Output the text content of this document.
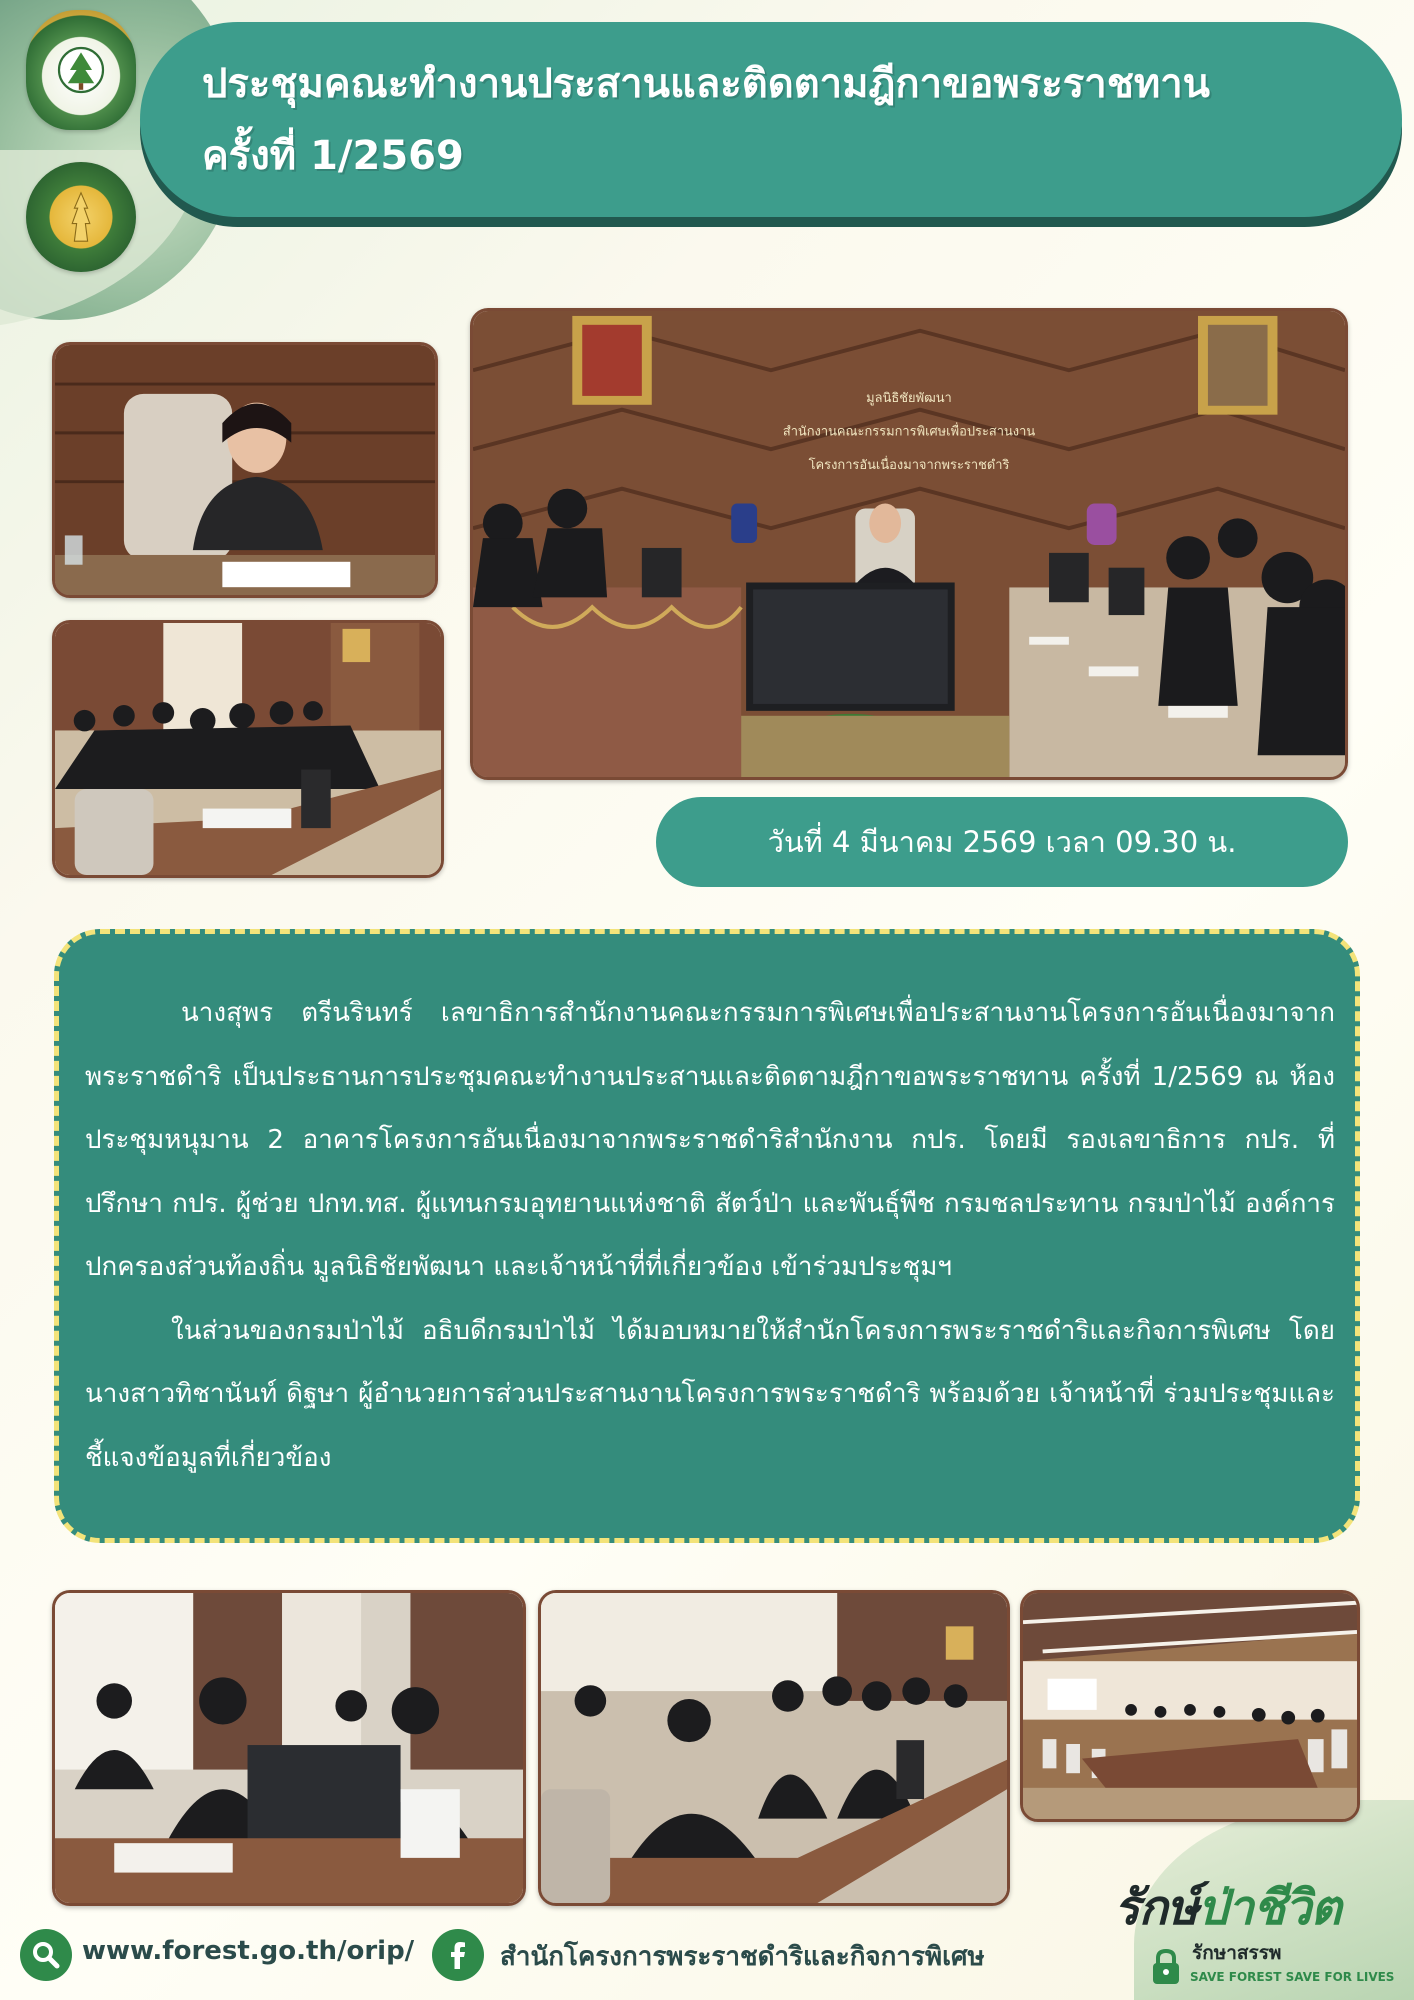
ประชุมคณะทำงานประสานและติดตามฎีกาขอพระราชทาน
ครั้งที่ 1/2569
มูลนิธิชัยพัฒนา
สำนักงานคณะกรรมการพิเศษเพื่อประสานงาน
โครงการอันเนื่องมาจากพระราชดำริ
วันที่ 4 มีนาคม 2569 เวลา 09.30 น.

นางสุพร ตรีนรินทร์ เลขาธิการสำนักงานคณะกรรมการพิเศษเพื่อประสานงานโครงการอันเนื่องมาจากพระราชดำริ เป็นประธานการประชุมคณะทำงานประสานและติดตามฎีกาขอพระราชทาน ครั้งที่ 1/2569 ณ ห้องประชุมหนุมาน 2 อาคารโครงการอันเนื่องมาจากพระราชดำริสำนักงาน กปร. โดยมี รองเลขาธิการ กปร. ที่ปรึกษา กปร. ผู้ช่วย ปกท.ทส. ผู้แทนกรมอุทยานแห่งชาติ สัตว์ป่า และพันธุ์พืช กรมชลประทาน กรมป่าไม้ องค์การปกครองส่วนท้องถิ่น มูลนิธิชัยพัฒนา และเจ้าหน้าที่ที่เกี่ยวข้อง เข้าร่วมประชุมฯ

ในส่วนของกรมป่าไม้ อธิบดีกรมป่าไม้ ได้มอบหมายให้สำนักโครงการพระราชดำริและกิจการพิเศษ โดย นางสาวทิชานันท์ ดิฐษา ผู้อำนวยการส่วนประสานงานโครงการพระราชดำริ พร้อมด้วย เจ้าหน้าที่ ร่วมประชุมและชี้แจงข้อมูลที่เกี่ยวข้อง

www.forest.go.th/orip/	สำนักโครงการพระราชดำริและกิจการพิเศษ
รักษ์ป่าชีวิต
รักษาสรรพ
SAVE FOREST SAVE FOR LIVES
